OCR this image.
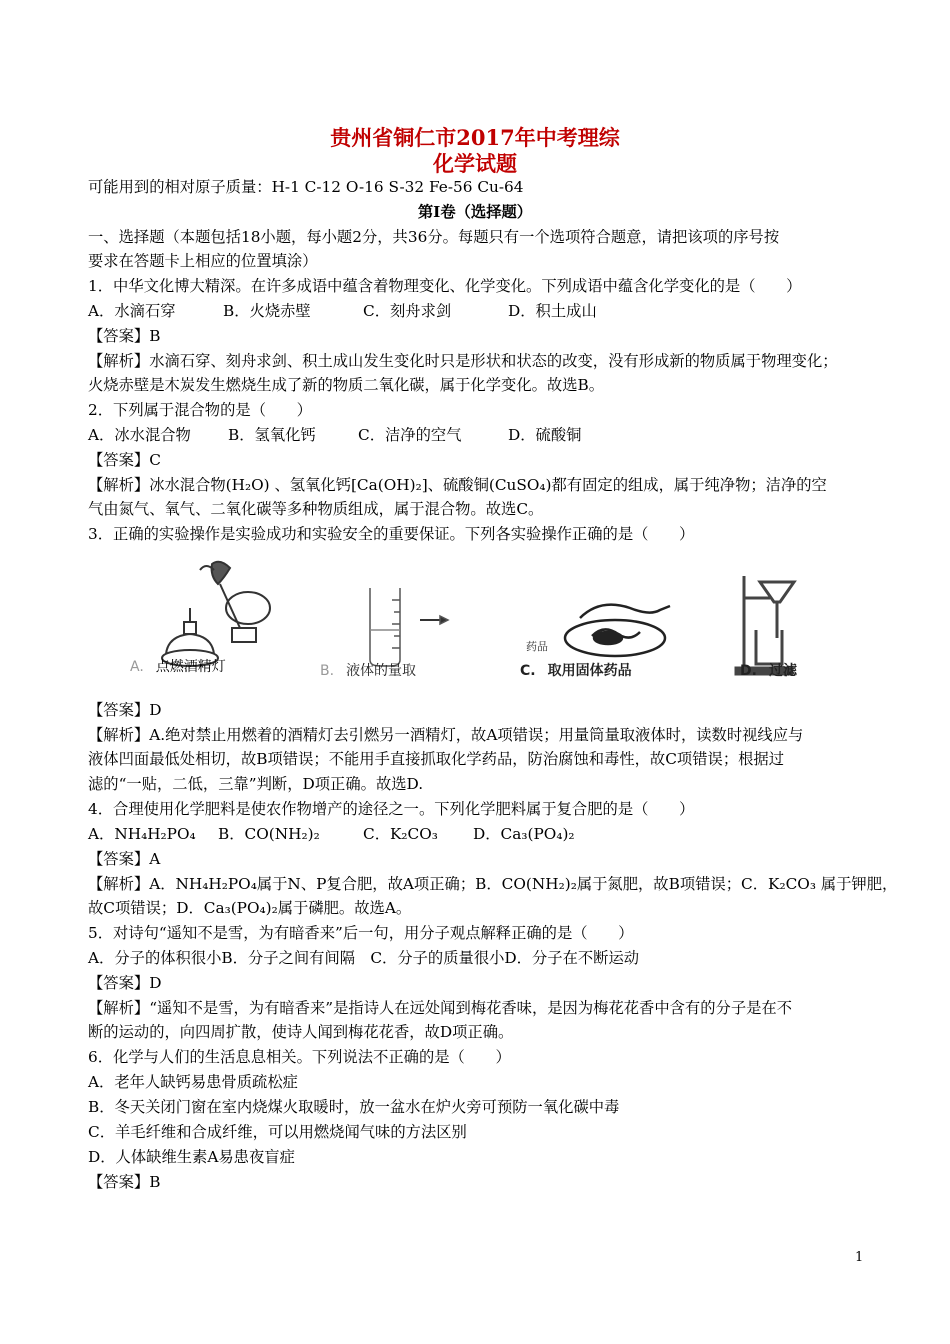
贵州省铜仁市2017年中考理综
化学试题
可能用到的相对原子质量：H-1 C-12 O-16 S-32 Fe-56 Cu-64
第Ⅰ卷（选择题）
一、选择题（本题包括18小题，每小题2分，共36分。每题只有一个选项符合题意，请把该项的序号按
要求在答题卡上相应的位置填涂）
1．中华文化博大精深。在许多成语中蕴含着物理变化、化学变化。下列成语中蕴含化学变化的是（　　）
A．水滴石穿	B．火烧赤壁	C．刻舟求剑	D．积土成山
【答案】B
【解析】水滴石穿、刻舟求剑、积土成山发生变化时只是形状和状态的改变，没有形成新的物质属于物理变化；
火烧赤壁是木炭发生燃烧生成了新的物质二氧化碳，属于化学变化。故选B。
2．下列属于混合物的是（　　）
A．冰水混合物 B．氢氧化钙	C．洁净的空气	D．硫酸铜
【答案】C
【解析】冰水混合物(H₂O) 、氢氧化钙[Ca(OH)₂]、硫酸铜(CuSO₄)都有固定的组成，属于纯净物；洁净的空
气由氮气、氧气、二氧化碳等多种物质组成，属于混合物。故选C。
3．正确的实验操作是实验成功和实验安全的重要保证。下列各实验操作正确的是（　　）
药品
A. 点燃酒精灯	B. 液体的量取	C. 取用固体药品	D. 过滤
【答案】D
【解析】A.绝对禁止用燃着的酒精灯去引燃另一酒精灯，故A项错误；用量筒量取液体时，读数时视线应与
液体凹面最低处相切，故B项错误；不能用手直接抓取化学药品，防治腐蚀和毒性，故C项错误；根据过
滤的“一贴，二低，三靠”判断，D项正确。故选D.
4．合理使用化学肥料是使农作物增产的途径之一。下列化学肥料属于复合肥的是（　　）
A．NH₄H₂PO₄ B．CO(NH₂)₂	C．K₂CO₃ D．Ca₃(PO₄)₂
【答案】A
【解析】A．NH₄H₂PO₄属于N、P复合肥，故A项正确；B．CO(NH₂)₂属于氮肥，故B项错误；C．K₂CO₃ 属于钾肥，
故C项错误；D．Ca₃(PO₄)₂属于磷肥。故选A。
5．对诗句“遥知不是雪，为有暗香来”后一句，用分子观点解释正确的是（　　）
A．分子的体积很小B．分子之间有间隔　C．分子的质量很小D．分子在不断运动
【答案】D
【解析】“遥知不是雪，为有暗香来”是指诗人在远处闻到梅花香味，是因为梅花花香中含有的分子是在不
断的运动的，向四周扩散，使诗人闻到梅花花香，故D项正确。
6．化学与人们的生活息息相关。下列说法不正确的是（　　）
A．老年人缺钙易患骨质疏松症
B．冬天关闭门窗在室内烧煤火取暖时，放一盆水在炉火旁可预防一氧化碳中毒
C．羊毛纤维和合成纤维，可以用燃烧闻气味的方法区别
D．人体缺维生素A易患夜盲症
【答案】B
1
